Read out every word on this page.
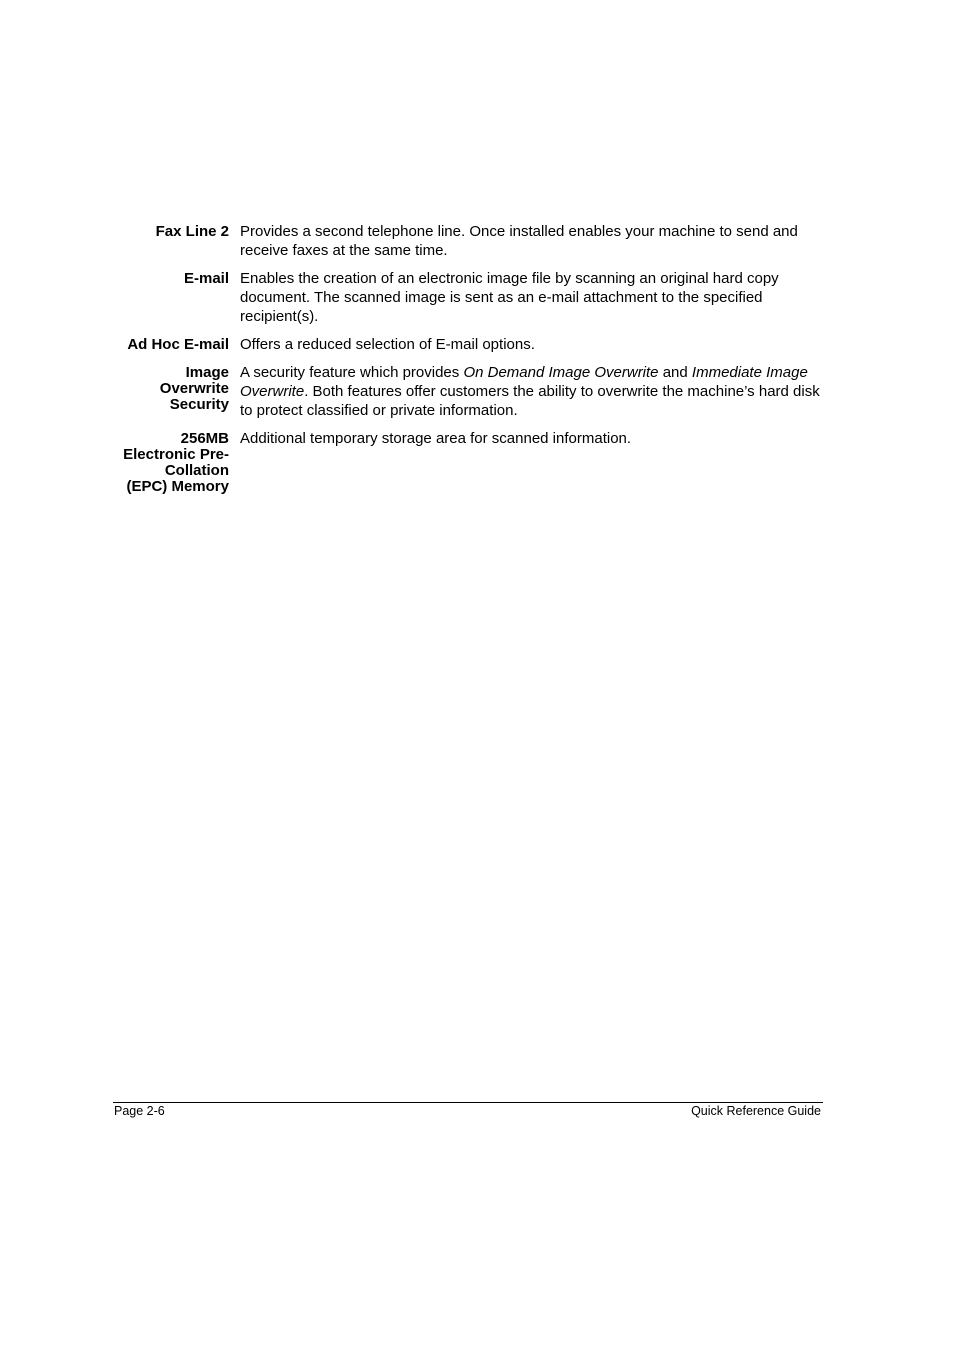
Fax Line 2 Provides a second telephone line. Once installed enables your machine to send and receive faxes at the same time.
E-mail Enables the creation of an electronic image file by scanning an original hard copy document. The scanned image is sent as an e-mail attachment to the specified recipient(s).
Ad Hoc E-mail Offers a reduced selection of E-mail options.
Image
Overwrite
Security
A security feature which provides On Demand Image Overwrite and Immediate Image Overwrite. Both features offer customers the ability to overwrite the machine’s hard disk to protect classified or private information.
256MB
Electronic Pre-
Collation
(EPC) Memory
Additional temporary storage area for scanned information.
Page 2-6	Quick Reference Guide
